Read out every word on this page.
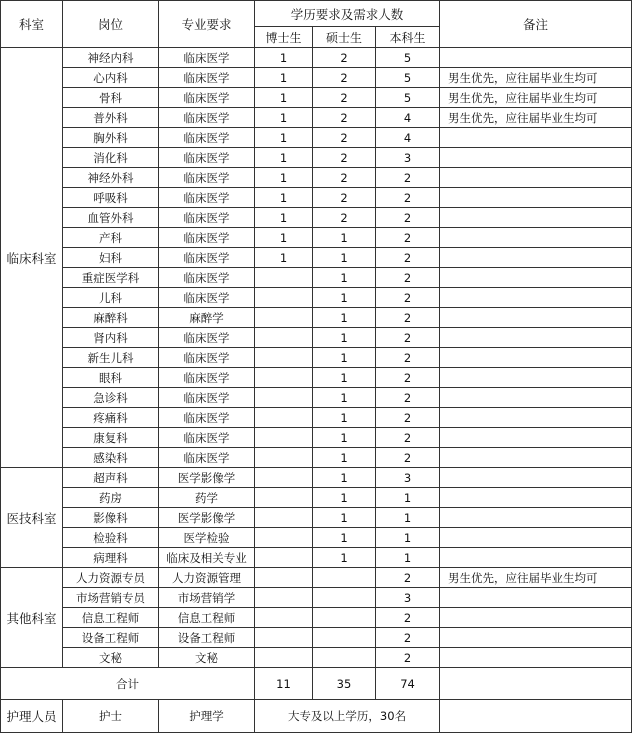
科室	岗位	专业要求	学历要求及需求人数			备注
			博士生	硕士生	本科生	
临床科室	神经内科	临床医学	1	2	5	
	心内科	临床医学	1	2	5	男生优先，应往届毕业生均可
	骨科	临床医学	1	2	5	男生优先，应往届毕业生均可
	普外科	临床医学	1	2	4	男生优先，应往届毕业生均可
	胸外科	临床医学	1	2	4	
	消化科	临床医学	1	2	3	
	神经外科	临床医学	1	2	2	
	呼吸科	临床医学	1	2	2	
	血管外科	临床医学	1	2	2	
	产科	临床医学	1	1	2	
	妇科	临床医学	1	1	2	
	重症医学科	临床医学		1	2	
	儿科	临床医学		1	2	
	麻醉科	麻醉学		1	2	
	肾内科	临床医学		1	2	
	新生儿科	临床医学		1	2	
	眼科	临床医学		1	2	
	急诊科	临床医学		1	2	
	疼痛科	临床医学		1	2	
	康复科	临床医学		1	2	
	感染科	临床医学		1	2	
医技科室	超声科	医学影像学		1	3	
	药房	药学		1	1	
	影像科	医学影像学		1	1	
	检验科	医学检验		1	1	
	病理科	临床及相关专业		1	1	
其他科室	人力资源专员	人力资源管理			2	男生优先，应往届毕业生均可
	市场营销专员	市场营销学			3	
	信息工程师	信息工程师			2	
	设备工程师	设备工程师			2	
	文秘	文秘			2	
合计			11	35	74	
护理人员	护士	护理学	大专及以上学历，30名			
